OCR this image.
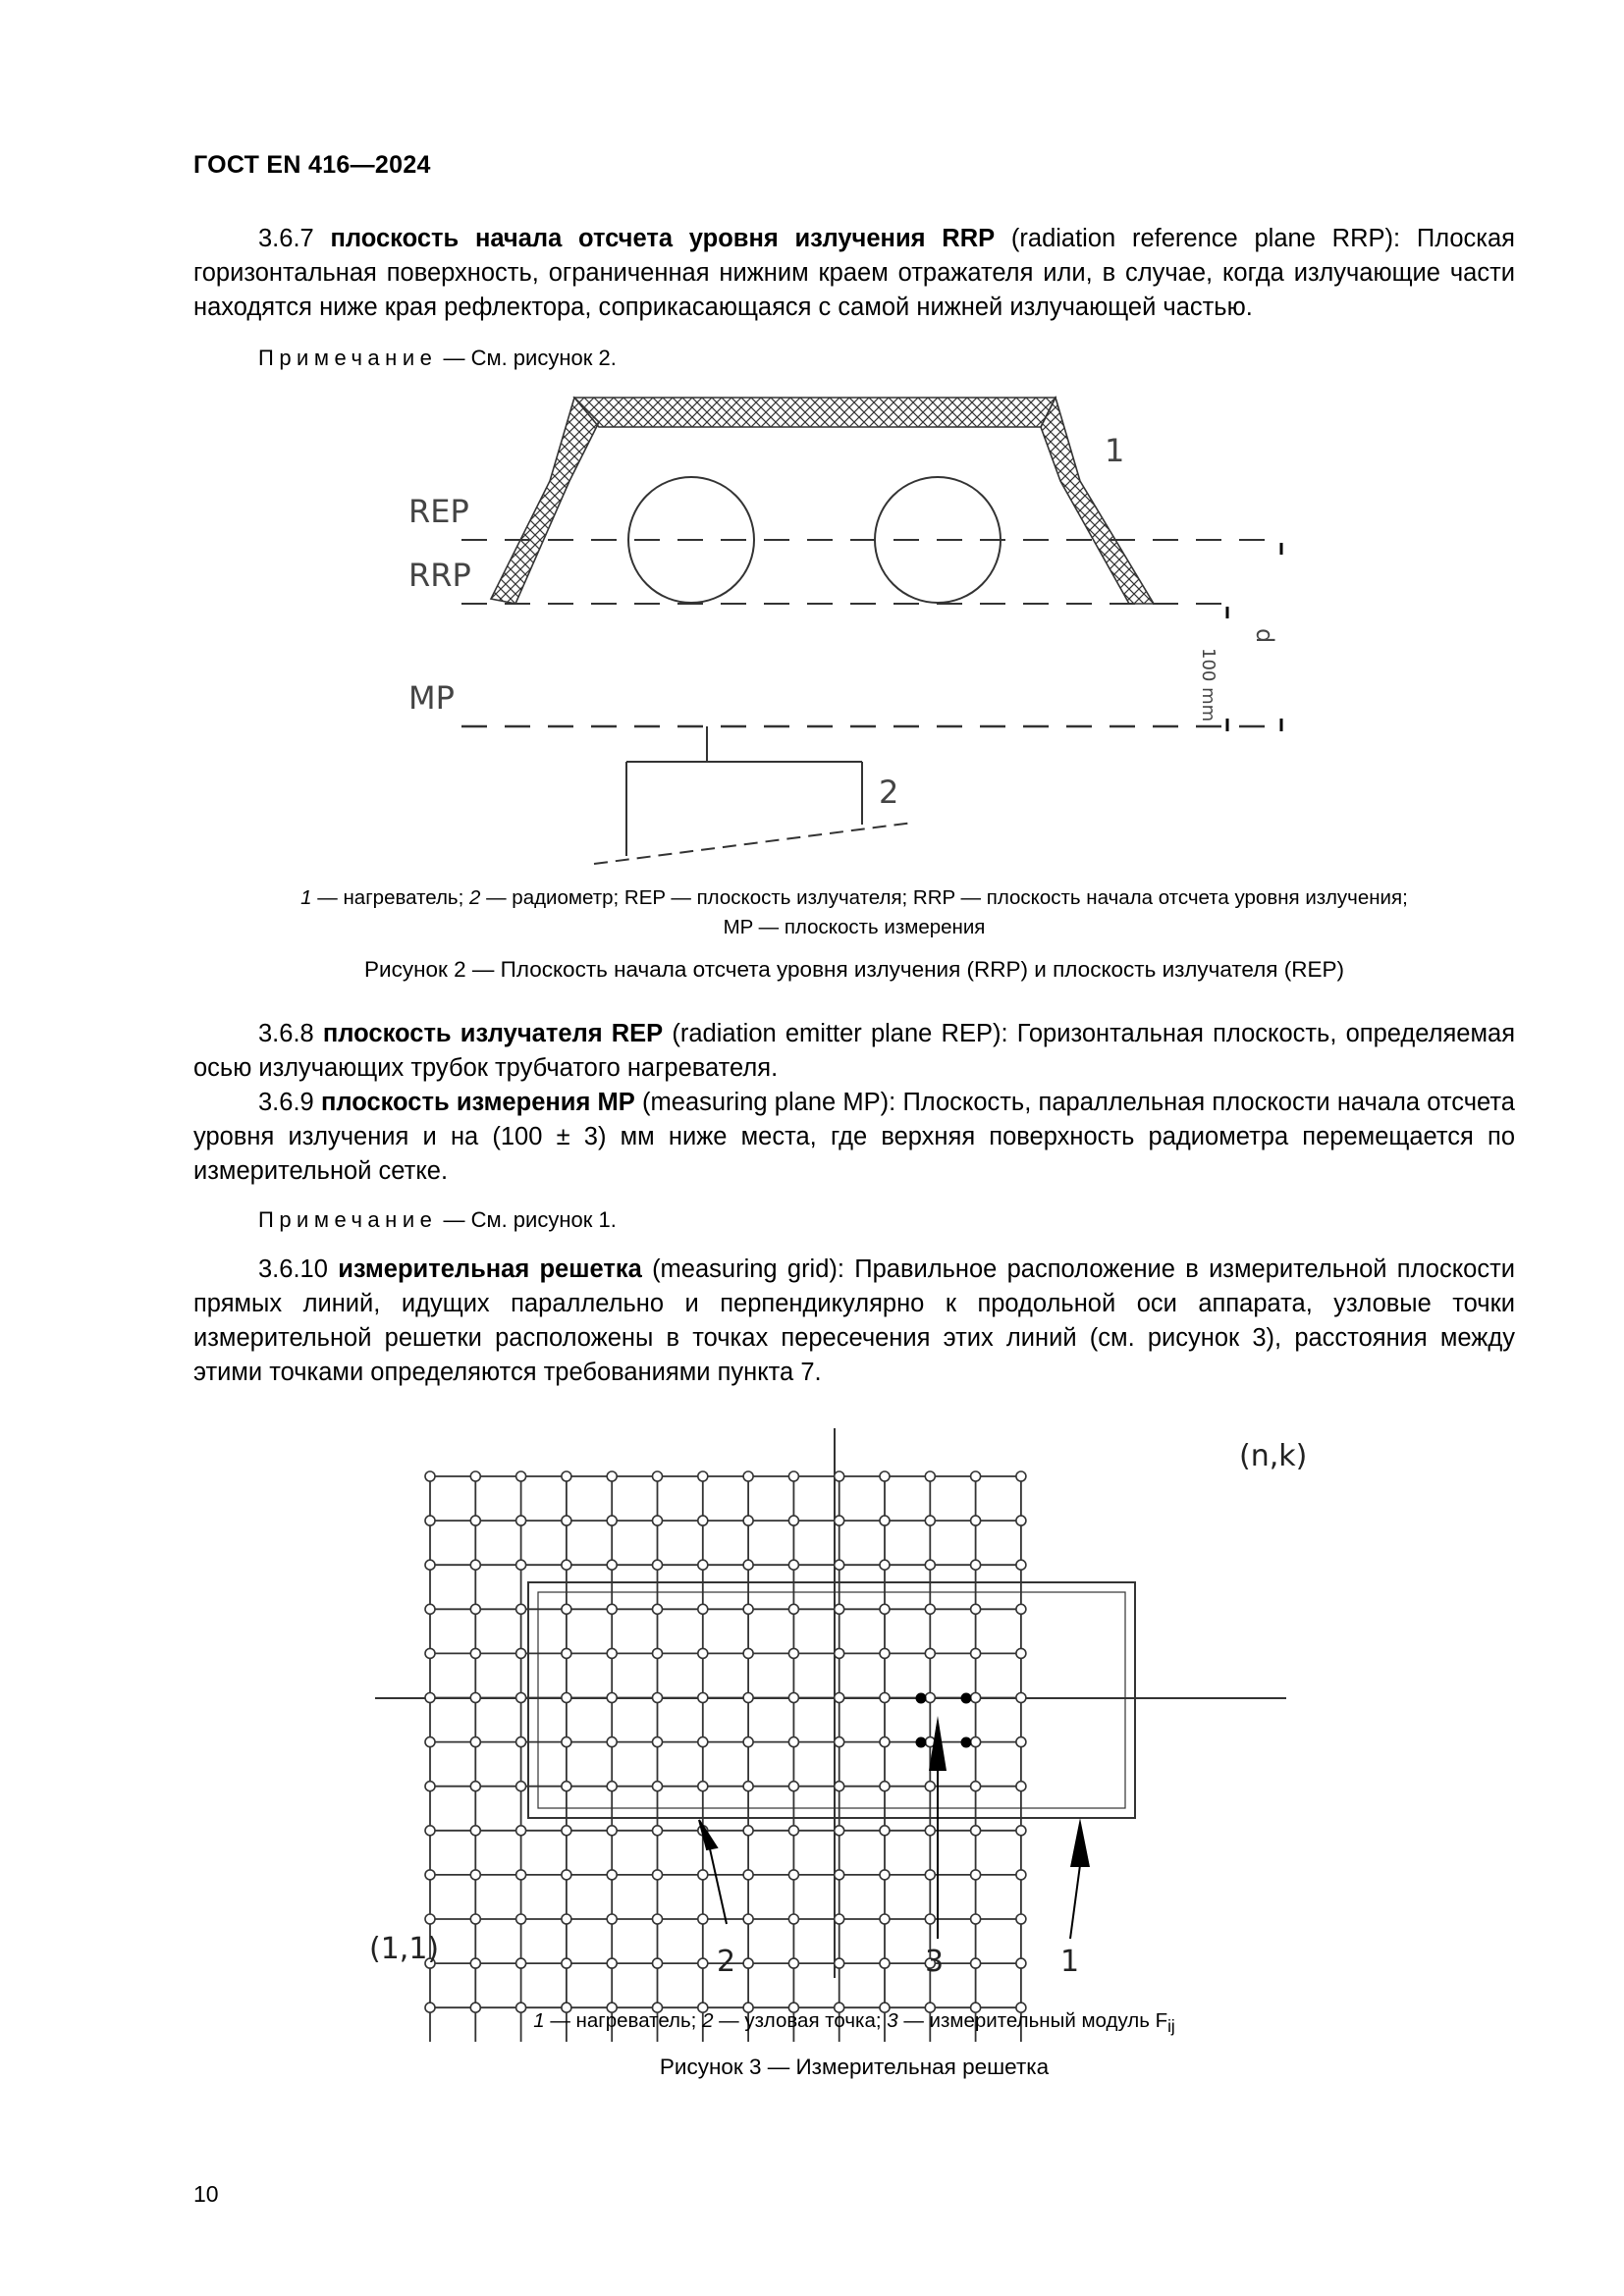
ГОСТ EN 416—2024
3.6.7 плоскость начала отсчета уровня излучения RRP (radiation reference plane RRP): Плоская горизонтальная поверхность, ограниченная нижним краем отражателя или, в случае, когда излучающие части находятся ниже края рефлектора, соприкасающаяся с самой нижней излучающей частью.
Примечание — См. рисунок 2.
REP
RRP
MP
1
2
d
100 mm
1 — нагреватель; 2 — радиометр; REP — плоскость излучателя; RRP — плоскость начала отсчета уровня излучения;
MP — плоскость измерения
Рисунок 2 — Плоскость начала отсчета уровня излучения (RRP) и плоскость излучателя (REP)
3.6.8 плоскость излучателя REP (radiation emitter plane REP): Горизонтальная плоскость, определяемая осью излучающих трубок трубчатого нагревателя.
3.6.9 плоскость измерения MP (measuring plane MP): Плоскость, параллельная плоскости начала отсчета уровня излучения и на (100 ± 3) мм ниже места, где верхняя поверхность радиометра перемещается по измерительной сетке.
Примечание — См. рисунок 1.
3.6.10 измерительная решетка (measuring grid): Правильное расположение в измерительной плоскости прямых линий, идущих параллельно и перпендикулярно к продольной оси аппарата, узловые точки измерительной решетки расположены в точках пересечения этих линий (см. рисунок 3), расстояния между этими точками определяются требованиями пункта 7.
(n,k)
(1,1)	2	3	1
1 — нагреватель; 2 — узловая точка; 3 — измерительный модуль $F_{ij}$
Рисунок 3 — Измерительная решетка
10
